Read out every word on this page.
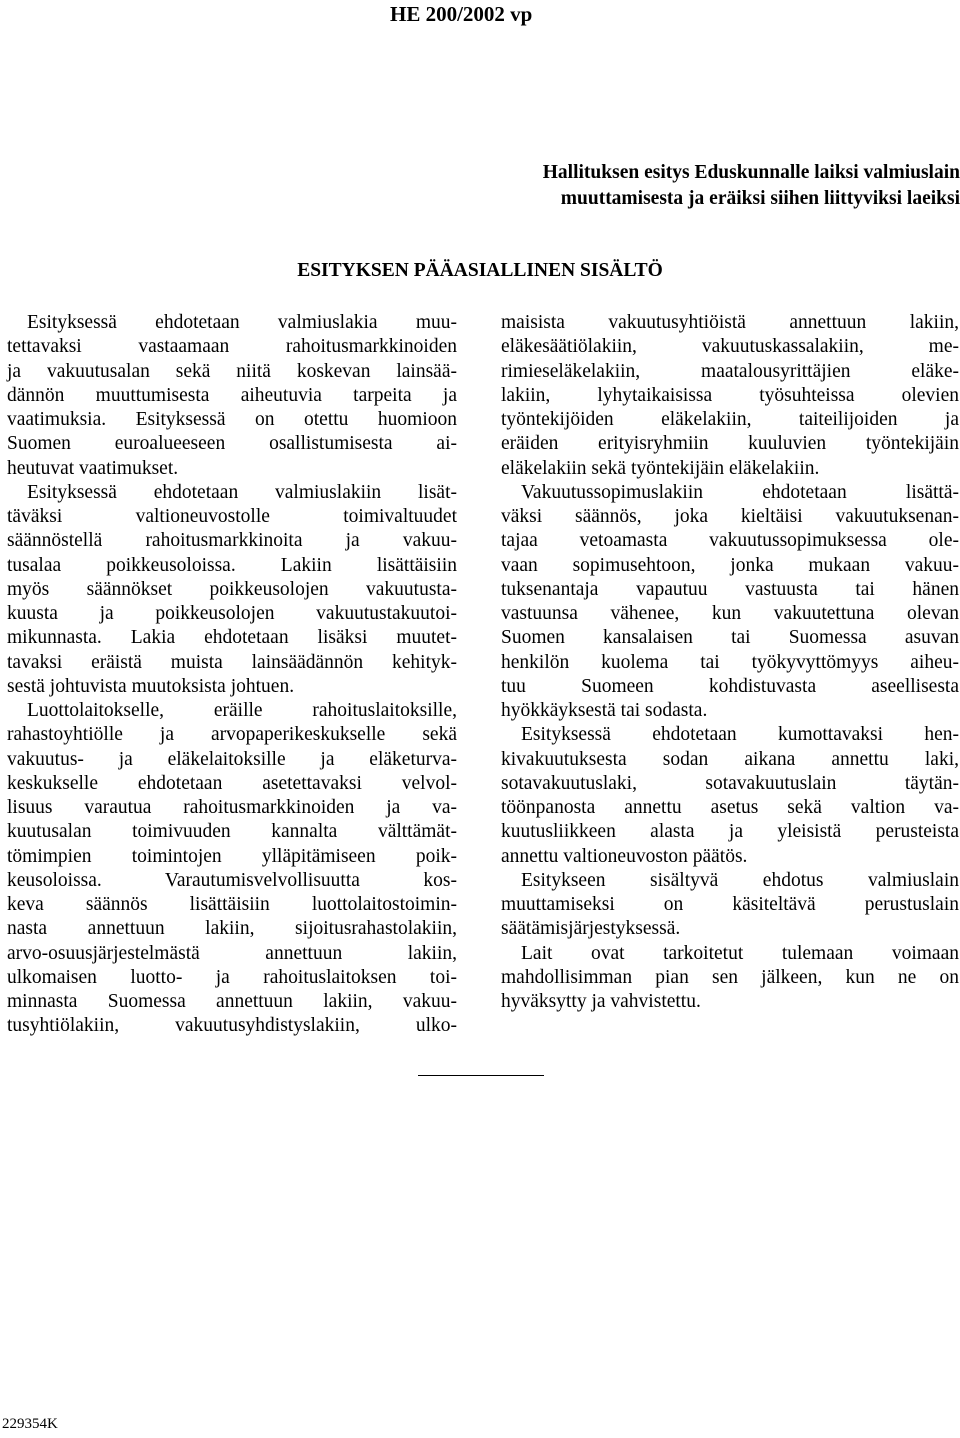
HE 200/2002 vp
Hallituksen esitys Eduskunnalle laiksi valmiuslain
muuttamisesta ja eräiksi siihen liittyviksi laeiksi
ESITYKSEN PÄÄASIALLINEN SISÄLTÖ
Esityksessä ehdotetaan valmiuslakia muu-
tettavaksi vastaamaan rahoitusmarkkinoiden
ja vakuutusalan sekä niitä koskevan lainsää-
dännön muuttumisesta aiheutuvia tarpeita ja
vaatimuksia. Esityksessä on otettu huomioon
Suomen euroalueeseen osallistumisesta ai-
heutuvat vaatimukset.
Esityksessä ehdotetaan valmiuslakiin lisät-
täväksi valtioneuvostolle toimivaltuudet
säännöstellä rahoitusmarkkinoita ja vakuu-
tusalaa poikkeusoloissa. Lakiin lisättäisiin
myös säännökset poikkeusolojen vakuutusta-
kuusta ja poikkeusolojen vakuutustakuutoi-
mikunnasta. Lakia ehdotetaan lisäksi muutet-
tavaksi eräistä muista lainsäädännön kehityk-
sestä johtuvista muutoksista johtuen.
Luottolaitokselle, eräille rahoituslaitoksille,
rahastoyhtiölle ja arvopaperikeskukselle sekä
vakuutus- ja eläkelaitoksille ja eläketurva-
keskukselle ehdotetaan asetettavaksi velvol-
lisuus varautua rahoitusmarkkinoiden ja va-
kuutusalan toimivuuden kannalta välttämät-
tömimpien toimintojen ylläpitämiseen poik-
keusoloissa. Varautumisvelvollisuutta kos-
keva säännös lisättäisiin luottolaitostoimin-
nasta annettuun lakiin, sijoitusrahastolakiin,
arvo-osuusjärjestelmästä annettuun lakiin,
ulkomaisen luotto- ja rahoituslaitoksen toi-
minnasta Suomessa annettuun lakiin, vakuu-
tusyhtiölakiin, vakuutusyhdistyslakiin, ulko-
maisista vakuutusyhtiöistä annettuun lakiin,
eläkesäätiölakiin, vakuutuskassalakiin, me-
rimieseläkelakiin, maatalousyrittäjien eläke-
lakiin, lyhytaikaisissa työsuhteissa olevien
työntekijöiden eläkelakiin, taiteilijoiden ja
eräiden erityisryhmiin kuuluvien työntekijäin
eläkelakiin sekä työntekijäin eläkelakiin.
Vakuutussopimuslakiin ehdotetaan lisättä-
väksi säännös, joka kieltäisi vakuutuksenan-
tajaa vetoamasta vakuutussopimuksessa ole-
vaan sopimusehtoon, jonka mukaan vakuu-
tuksenantaja vapautuu vastuusta tai hänen
vastuunsa vähenee, kun vakuutettuna olevan
Suomen kansalaisen tai Suomessa asuvan
henkilön kuolema tai työkyvyttömyys aiheu-
tuu Suomeen kohdistuvasta aseellisesta
hyökkäyksestä tai sodasta.
Esityksessä ehdotetaan kumottavaksi hen-
kivakuutuksesta sodan aikana annettu laki,
sotavakuutuslaki, sotavakuutuslain täytän-
töönpanosta annettu asetus sekä valtion va-
kuutusliikkeen alasta ja yleisistä perusteista
annettu valtioneuvoston päätös.
Esitykseen sisältyvä ehdotus valmiuslain
muuttamiseksi on käsiteltävä perustuslain
säätämisjärjestyksessä.
Lait ovat tarkoitetut tulemaan voimaan
mahdollisimman pian sen jälkeen, kun ne on
hyväksytty ja vahvistettu.
229354K
